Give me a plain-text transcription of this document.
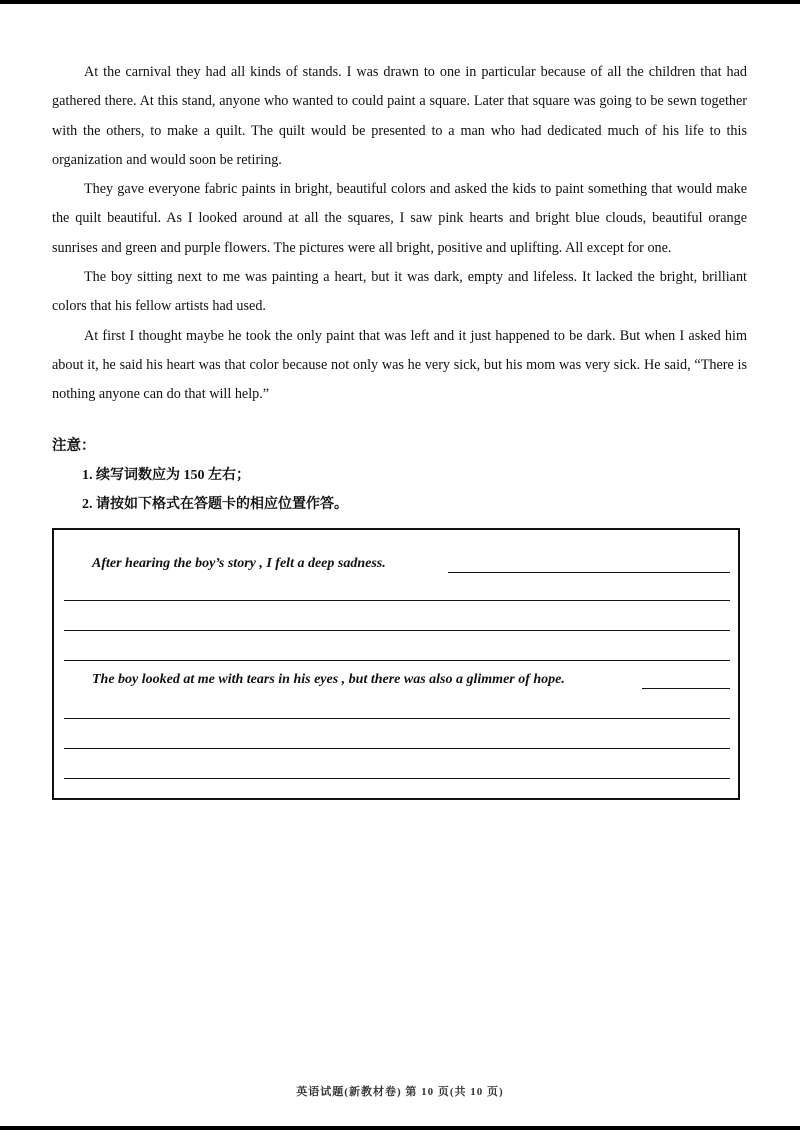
At the carnival they had all kinds of stands. I was drawn to one in particular because of all the children that had gathered there. At this stand, anyone who wanted to could paint a square. Later that square was going to be sewn together with the others, to make a quilt. The quilt would be presented to a man who had dedicated much of his life to this organization and would soon be retiring.

They gave everyone fabric paints in bright, beautiful colors and asked the kids to paint something that would make the quilt beautiful. As I looked around at all the squares, I saw pink hearts and bright blue clouds, beautiful orange sunrises and green and purple flowers. The pictures were all bright, positive and uplifting. All except for one.

The boy sitting next to me was painting a heart, but it was dark, empty and lifeless. It lacked the bright, brilliant colors that his fellow artists had used.

At first I thought maybe he took the only paint that was left and it just happened to be dark. But when I asked him about it, he said his heart was that color because not only was he very sick, but his mom was very sick. He said, “There is nothing anyone can do that will help.”

注意：

1. 续写词数应为 150 左右；

2. 请按如下格式在答题卡的相应位置作答。

After hearing the boy’s story , I felt a deep sadness.
The boy looked at me with tears in his eyes , but there was also a glimmer of hope.
英语试题(新教材卷) 第 10 页(共 10 页)
